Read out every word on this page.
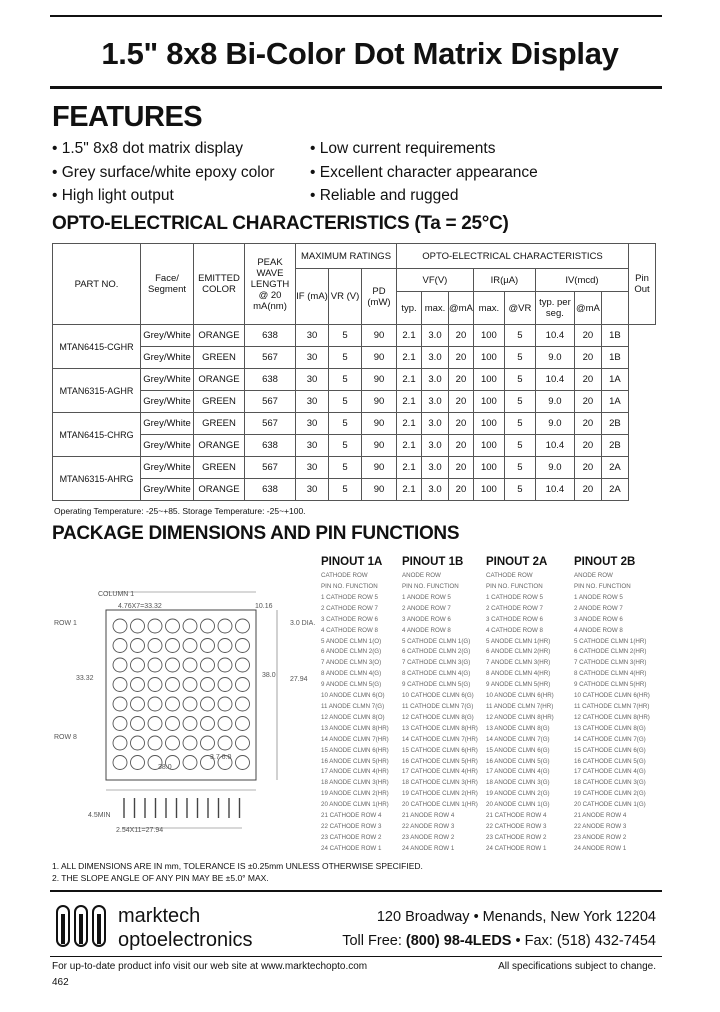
1.5" 8x8 Bi-Color Dot Matrix Display
FEATURES
• 1.5" 8x8 dot matrix display
• Grey surface/white epoxy color
• High light output
• Low current requirements
• Excellent character appearance
• Reliable and rugged
OPTO-ELECTRICAL CHARACTERISTICS (Ta = 25°C)
PART NO.	Face/ Segment	EMITTED COLOR	PEAK WAVE LENGTH @ 20 mA(nm)	MAXIMUM RATINGS			OPTO-ELECTRICAL CHARACTERISTICS								Pin Out
				IF (mA)	VR (V)	PD (mW)	VF(V)			IR(µA)		IV(mcd)			
							typ.	max.	@mA	max.	@VR	typ. per seg.	@mA		
MTAN6415-CGHR	Grey/White	ORANGE	638	30	5	90	2.1	3.0	20	100	5	10.4	20	1B	
	Grey/White	GREEN	567	30	5	90	2.1	3.0	20	100	5	9.0	20	1B	
MTAN6315-AGHR	Grey/White	ORANGE	638	30	5	90	2.1	3.0	20	100	5	10.4	20	1A	
	Grey/White	GREEN	567	30	5	90	2.1	3.0	20	100	5	9.0	20	1A	
MTAN6415-CHRG	Grey/White	GREEN	567	30	5	90	2.1	3.0	20	100	5	9.0	20	2B	
	Grey/White	ORANGE	638	30	5	90	2.1	3.0	20	100	5	10.4	20	2B	
MTAN6315-AHRG	Grey/White	GREEN	567	30	5	90	2.1	3.0	20	100	5	9.0	20	2A	
	Grey/White	ORANGE	638	30	5	90	2.1	3.0	20	100	5	10.4	20	2A	
Operating Temperature: -25~+85. Storage Temperature: -25~+100.
PACKAGE DIMENSIONS AND PIN FUNCTIONS
COLUMN 1
4.76X7=33.32	10.16
ROW 1	3.0 DIA.
33.32	38.0
27.94
ROW 8
3.7 6.0
38.0
4.5MIN
2.54X11=27.94
PINOUT 1A PINOUT 1B PINOUT 2A PINOUT 2B
CATHODE ROW	ANODE ROW	CATHODE ROW	ANODE ROW
PIN NO. FUNCTION
1 CATHODE ROW 5
2 CATHODE ROW 7
3 CATHODE ROW 6
4 CATHODE ROW 8
5 ANODE CLMN 1(O)
6 ANODE CLMN 2(G)
7 ANODE CLMN 3(O)
8 ANODE CLMN 4(G)
9 ANODE CLMN 5(G)
10 ANODE CLMN 6(O)
11 ANODE CLMN 7(G)
12 ANODE CLMN 8(O)
13 ANODE CLMN 8(HR)
14 ANODE CLMN 7(HR)
15 ANODE CLMN 6(HR)
16 ANODE CLMN 5(HR)
17 ANODE CLMN 4(HR)
18 ANODE CLMN 3(HR)
19 ANODE CLMN 2(HR)
20 ANODE CLMN 1(HR)
21 CATHODE ROW 4
22 CATHODE ROW 3
23 CATHODE ROW 2
24 CATHODE ROW 1
PIN NO. FUNCTION
1 ANODE ROW 5
2 ANODE ROW 7
3 ANODE ROW 6
4 ANODE ROW 8
5 CATHODE CLMN 1(G)
6 CATHODE CLMN 2(G)
7 CATHODE CLMN 3(G)
8 CATHODE CLMN 4(G)
9 CATHODE CLMN 5(G)
10 CATHODE CLMN 6(G)
11 CATHODE CLMN 7(G)
12 CATHODE CLMN 8(G)
13 CATHODE CLMN 8(HR)
14 CATHODE CLMN 7(HR)
15 CATHODE CLMN 6(HR)
16 CATHODE CLMN 5(HR)
17 CATHODE CLMN 4(HR)
18 CATHODE CLMN 3(HR)
19 CATHODE CLMN 2(HR)
20 CATHODE CLMN 1(HR)
21 ANODE ROW 4
22 ANODE ROW 3
23 ANODE ROW 2
24 ANODE ROW 1
PIN NO. FUNCTION
1 CATHODE ROW 5
2 CATHODE ROW 7
3 CATHODE ROW 6
4 CATHODE ROW 8
5 ANODE CLMN 1(HR)
6 ANODE CLMN 2(HR)
7 ANODE CLMN 3(HR)
8 ANODE CLMN 4(HR)
9 ANODE CLMN 5(HR)
10 ANODE CLMN 6(HR)
11 ANODE CLMN 7(HR)
12 ANODE CLMN 8(HR)
13 ANODE CLMN 8(G)
14 ANODE CLMN 7(G)
15 ANODE CLMN 6(G)
16 ANODE CLMN 5(G)
17 ANODE CLMN 4(G)
18 ANODE CLMN 3(G)
19 ANODE CLMN 2(G)
20 ANODE CLMN 1(G)
21 CATHODE ROW 4
22 CATHODE ROW 3
23 CATHODE ROW 2
24 CATHODE ROW 1
PIN NO. FUNCTION
1 ANODE ROW 5
2 ANODE ROW 7
3 ANODE ROW 6
4 ANODE ROW 8
5 CATHODE CLMN 1(HR)
6 CATHODE CLMN 2(HR)
7 CATHODE CLMN 3(HR)
8 CATHODE CLMN 4(HR)
9 CATHODE CLMN 5(HR)
10 CATHODE CLMN 6(HR)
11 CATHODE CLMN 7(HR)
12 CATHODE CLMN 8(HR)
13 CATHODE CLMN 8(G)
14 CATHODE CLMN 7(G)
15 CATHODE CLMN 6(G)
16 CATHODE CLMN 5(G)
17 CATHODE CLMN 4(G)
18 CATHODE CLMN 3(G)
19 CATHODE CLMN 2(G)
20 CATHODE CLMN 1(G)
21 ANODE ROW 4
22 ANODE ROW 3
23 ANODE ROW 2
24 ANODE ROW 1
1. ALL DIMENSIONS ARE IN mm, TOLERANCE IS ±0.25mm UNLESS OTHERWISE SPECIFIED.
2. THE SLOPE ANGLE OF ANY PIN MAY BE ±5.0° MAX.
marktech
optoelectronics
120 Broadway • Menands, New York 12204
Toll Free: (800) 98-4LEDS • Fax: (518) 432-7454
For up-to-date product info visit our web site at www.marktechopto.com	All specifications subject to change.
462
